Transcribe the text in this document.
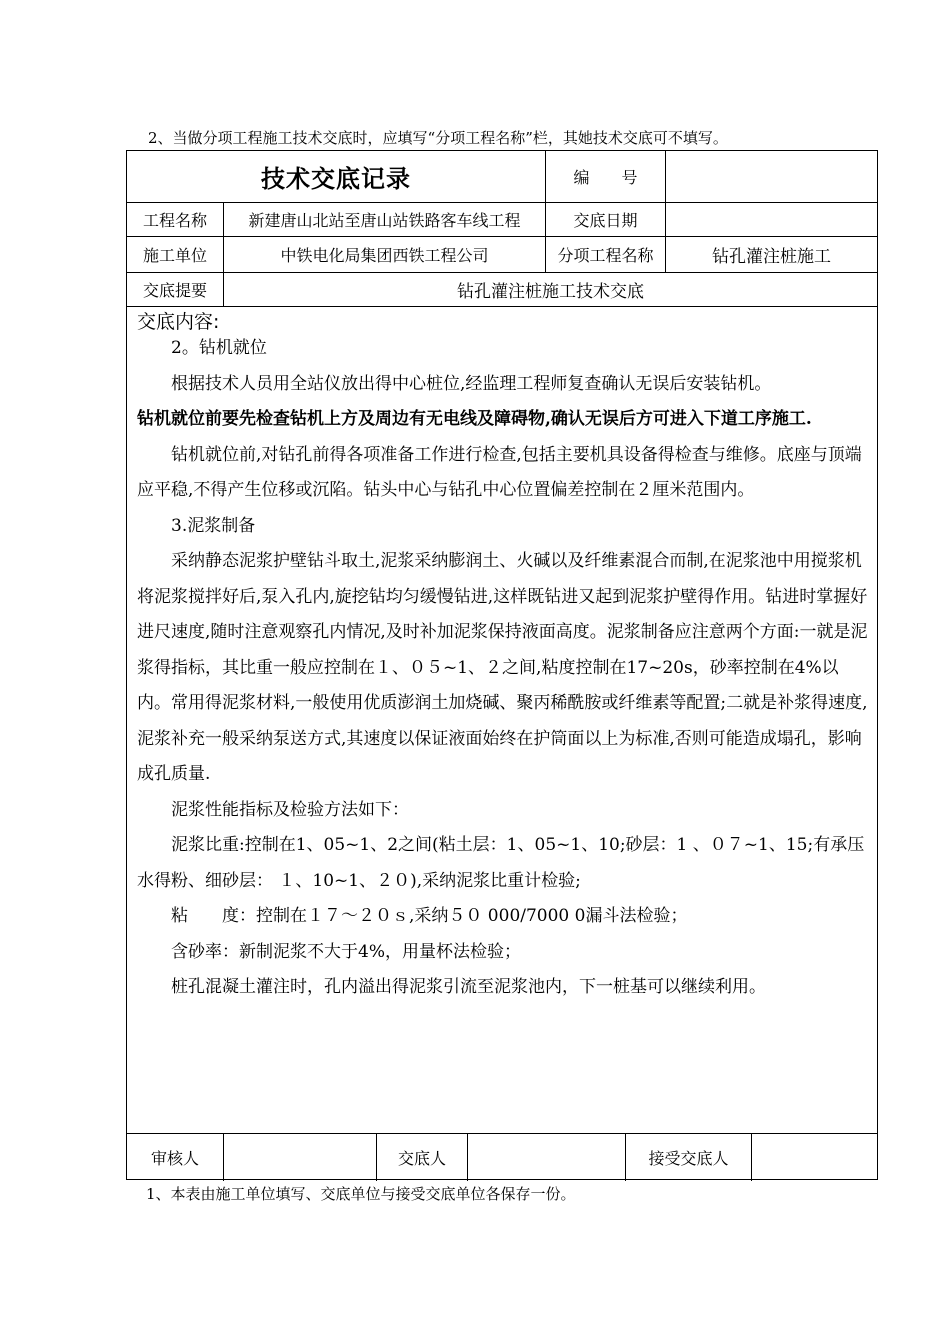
2、当做分项工程施工技术交底时，应填写“分项工程名称”栏，其她技术交底可不填写。
技术交底记录	编　　号
工程名称	新建唐山北站至唐山站铁路客车线工程	交底日期
施工单位	中铁电化局集团西铁工程公司	分项工程名称	钻孔灌注桩施工
交底提要	钻孔灌注桩施工技术交底
交底内容:

2。钻机就位

根据技术人员用全站仪放出得中心桩位,经监理工程师复查确认无误后安装钻机。

钻机就位前要先检查钻机上方及周边有无电线及障碍物,确认无误后方可进入下道工序施工.

钻机就位前,对钻孔前得各项准备工作进行检查,包括主要机具设备得检查与维修。底座与顶端应平稳,不得产生位移或沉陷。钻头中心与钻孔中心位置偏差控制在２厘米范围内。

3.泥浆制备

采纳静态泥浆护壁钻斗取土,泥浆采纳膨润土、火碱以及纤维素混合而制,在泥浆池中用搅浆机将泥浆搅拌好后,泵入孔内,旋挖钻均匀缓慢钻进,这样既钻进又起到泥浆护壁得作用。钻进时掌握好进尺速度,随时注意观察孔内情况,及时补加泥浆保持液面高度。泥浆制备应注意两个方面:一就是泥浆得指标，其比重一般应控制在１、０５~1、２之间,粘度控制在17~20s，砂率控制在4%以内。常用得泥浆材料,一般使用优质澎润土加烧碱、聚丙稀酰胺或纤维素等配置;二就是补浆得速度,泥浆补充一般采纳泵送方式,其速度以保证液面始终在护筒面以上为标准,否则可能造成塌孔，影响成孔质量.

泥浆性能指标及检验方法如下：

泥浆比重:控制在1、05~1、2之间(粘土层：1、05~1、10;砂层：1 、０７~1、15;有承压水得粉、细砂层： １、10~1、２０),采纳泥浆比重计检验;

粘　　度：控制在１７～２０ｓ,采纳５０ 000/7000 0漏斗法检验；

含砂率：新制泥浆不大于4%，用量杯法检验；

桩孔混凝土灌注时，孔内溢出得泥浆引流至泥浆池内，下一桩基可以继续利用。

审核人	交底人	接受交底人
1、本表由施工单位填写、交底单位与接受交底单位各保存一份。
